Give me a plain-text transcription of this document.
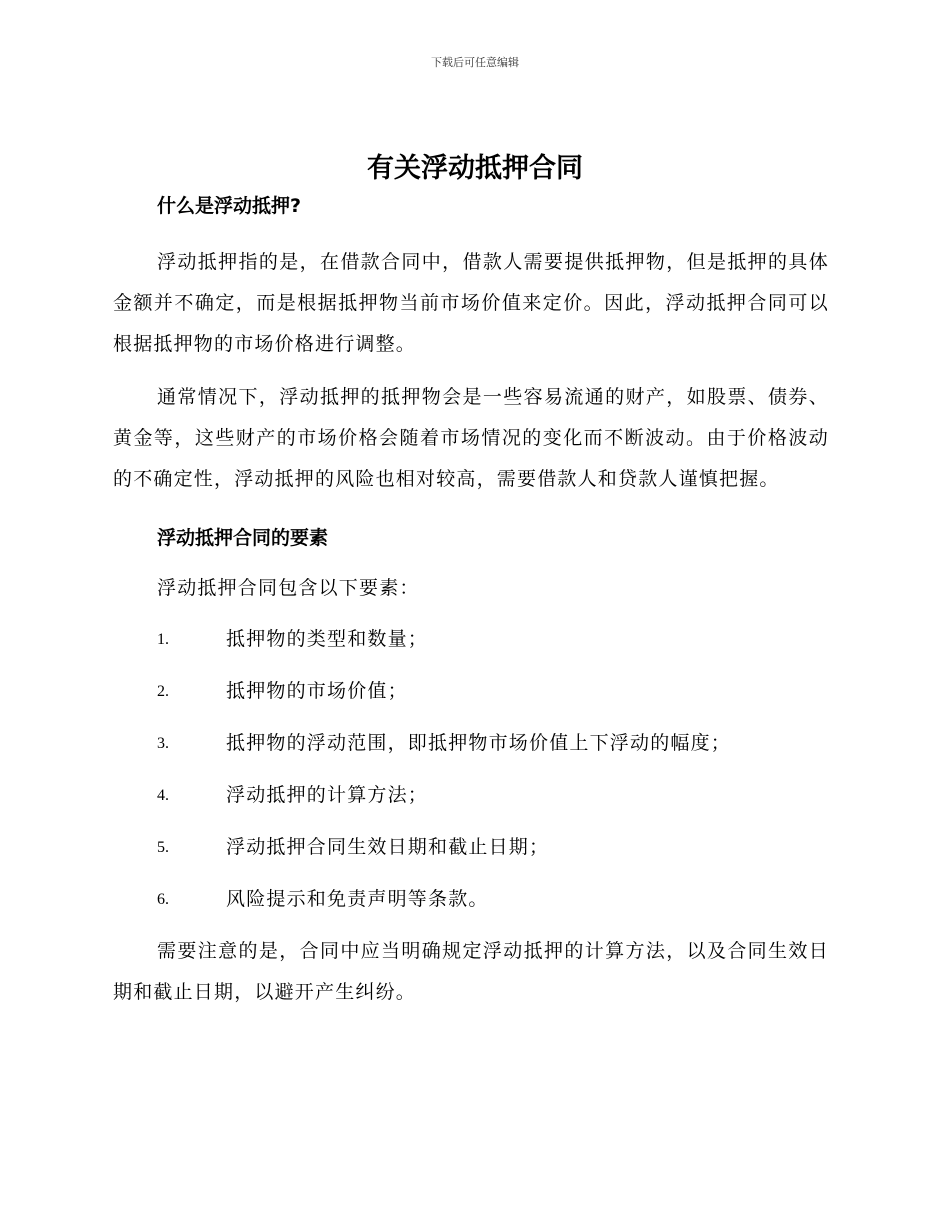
下载后可任意编辑
有关浮动抵押合同
什么是浮动抵押?
浮动抵押指的是，在借款合同中，借款人需要提供抵押物，但是抵押的具体金额并不确定，而是根据抵押物当前市场价值来定价。因此，浮动抵押合同可以根据抵押物的市场价格进行调整。
通常情况下，浮动抵押的抵押物会是一些容易流通的财产，如股票、债券、黄金等，这些财产的市场价格会随着市场情况的变化而不断波动。由于价格波动的不确定性，浮动抵押的风险也相对较高，需要借款人和贷款人谨慎把握。
浮动抵押合同的要素
浮动抵押合同包含以下要素：
1.	抵押物的类型和数量；
2.	抵押物的市场价值；
3.	抵押物的浮动范围，即抵押物市场价值上下浮动的幅度；
4.	浮动抵押的计算方法；
5.	浮动抵押合同生效日期和截止日期；
6.	风险提示和免责声明等条款。
需要注意的是，合同中应当明确规定浮动抵押的计算方法，以及合同生效日期和截止日期，以避开产生纠纷。
